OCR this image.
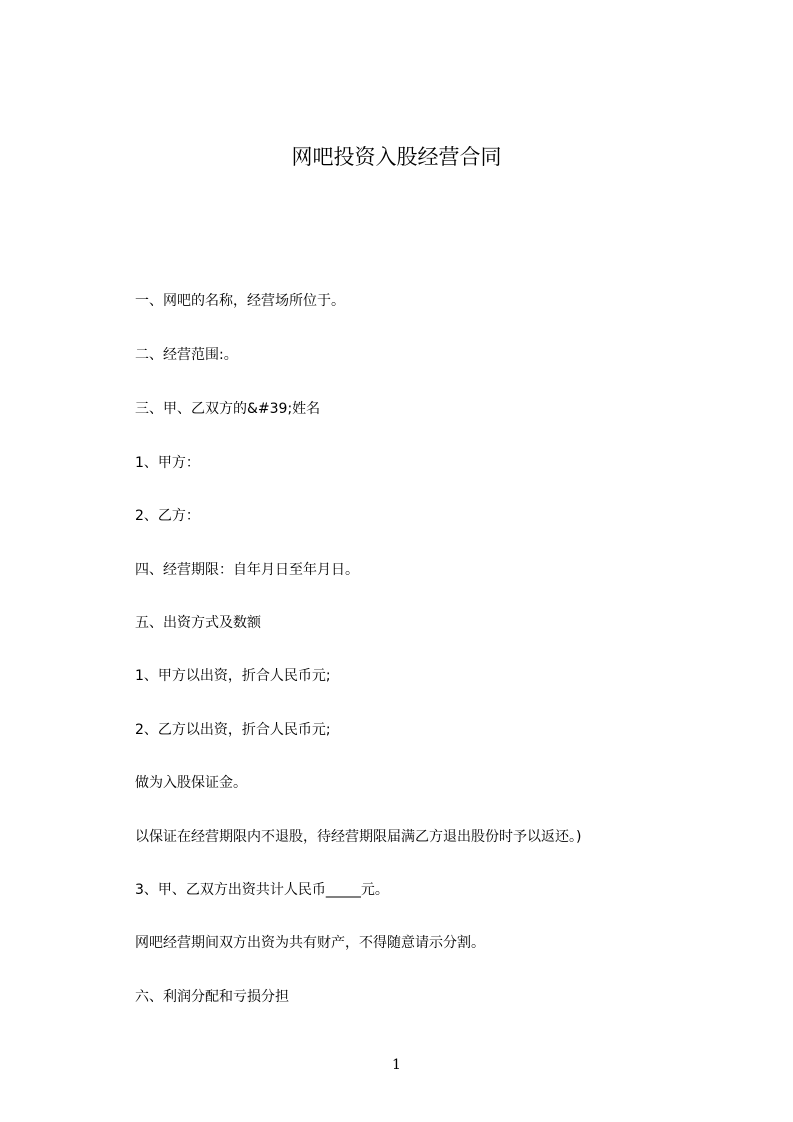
网吧投资入股经营合同
一、网吧的名称，经营场所位于。
二、经营范围:。
三、甲、乙双方的&#39;姓名
1、甲方：
2、乙方：
四、经营期限：自年月日至年月日。
五、出资方式及数额
1、甲方以出资，折合人民币元;
2、乙方以出资，折合人民币元;
做为入股保证金。
以保证在经营期限内不退股，待经营期限届满乙方退出股份时予以返还。)
3、甲、乙双方出资共计人民币_____元。
网吧经营期间双方出资为共有财产，不得随意请示分割。
六、利润分配和亏损分担
1
